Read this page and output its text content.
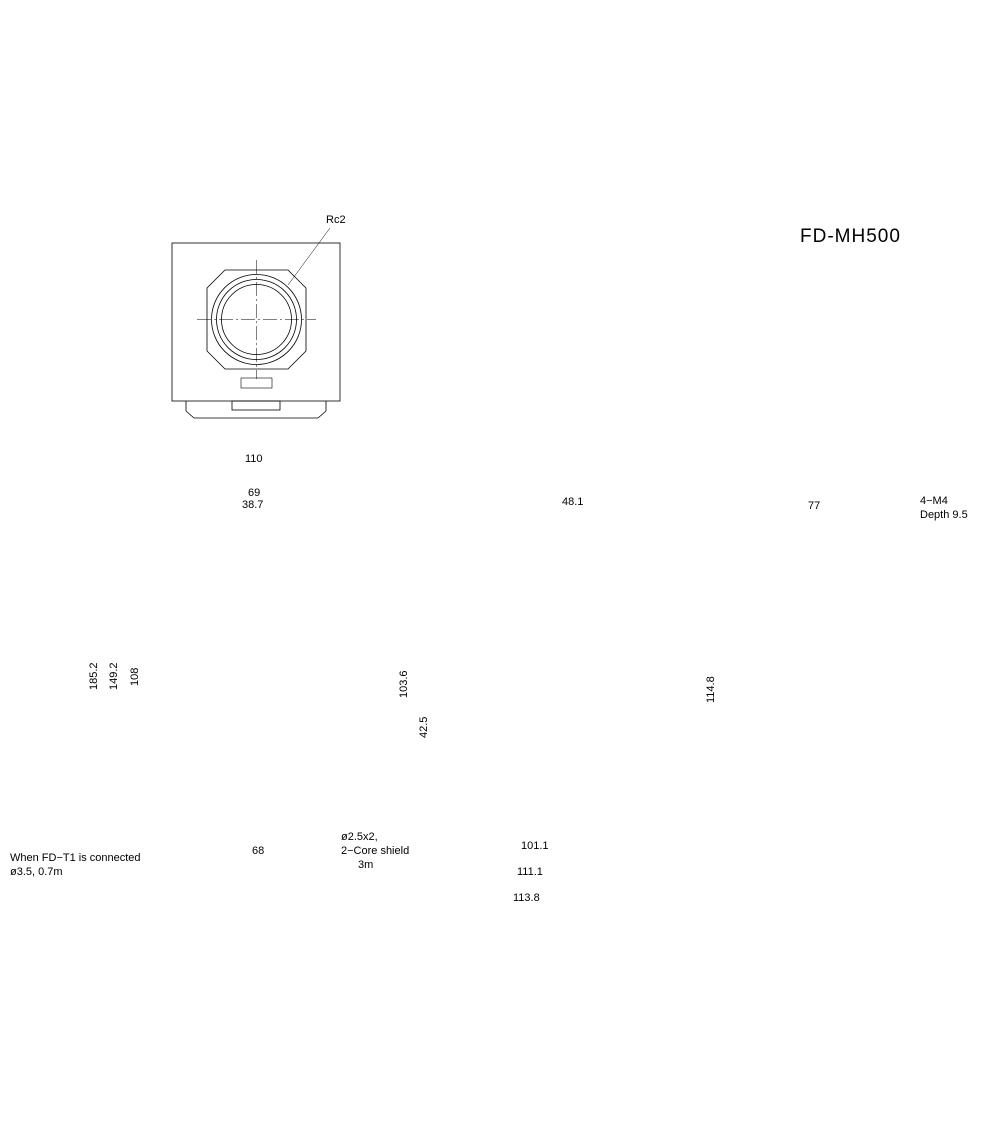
FD-MH500
Rc2
110
69
38.7
185.2 149.2 108
68
When FD−T1 is connected
ø3.5, 0.7m
ø2.5x2,
2−Core shield
3m
48.1
103.6
42.5
101.1
111.1
113.8
77
114.8
4−M4
Depth 9.5
